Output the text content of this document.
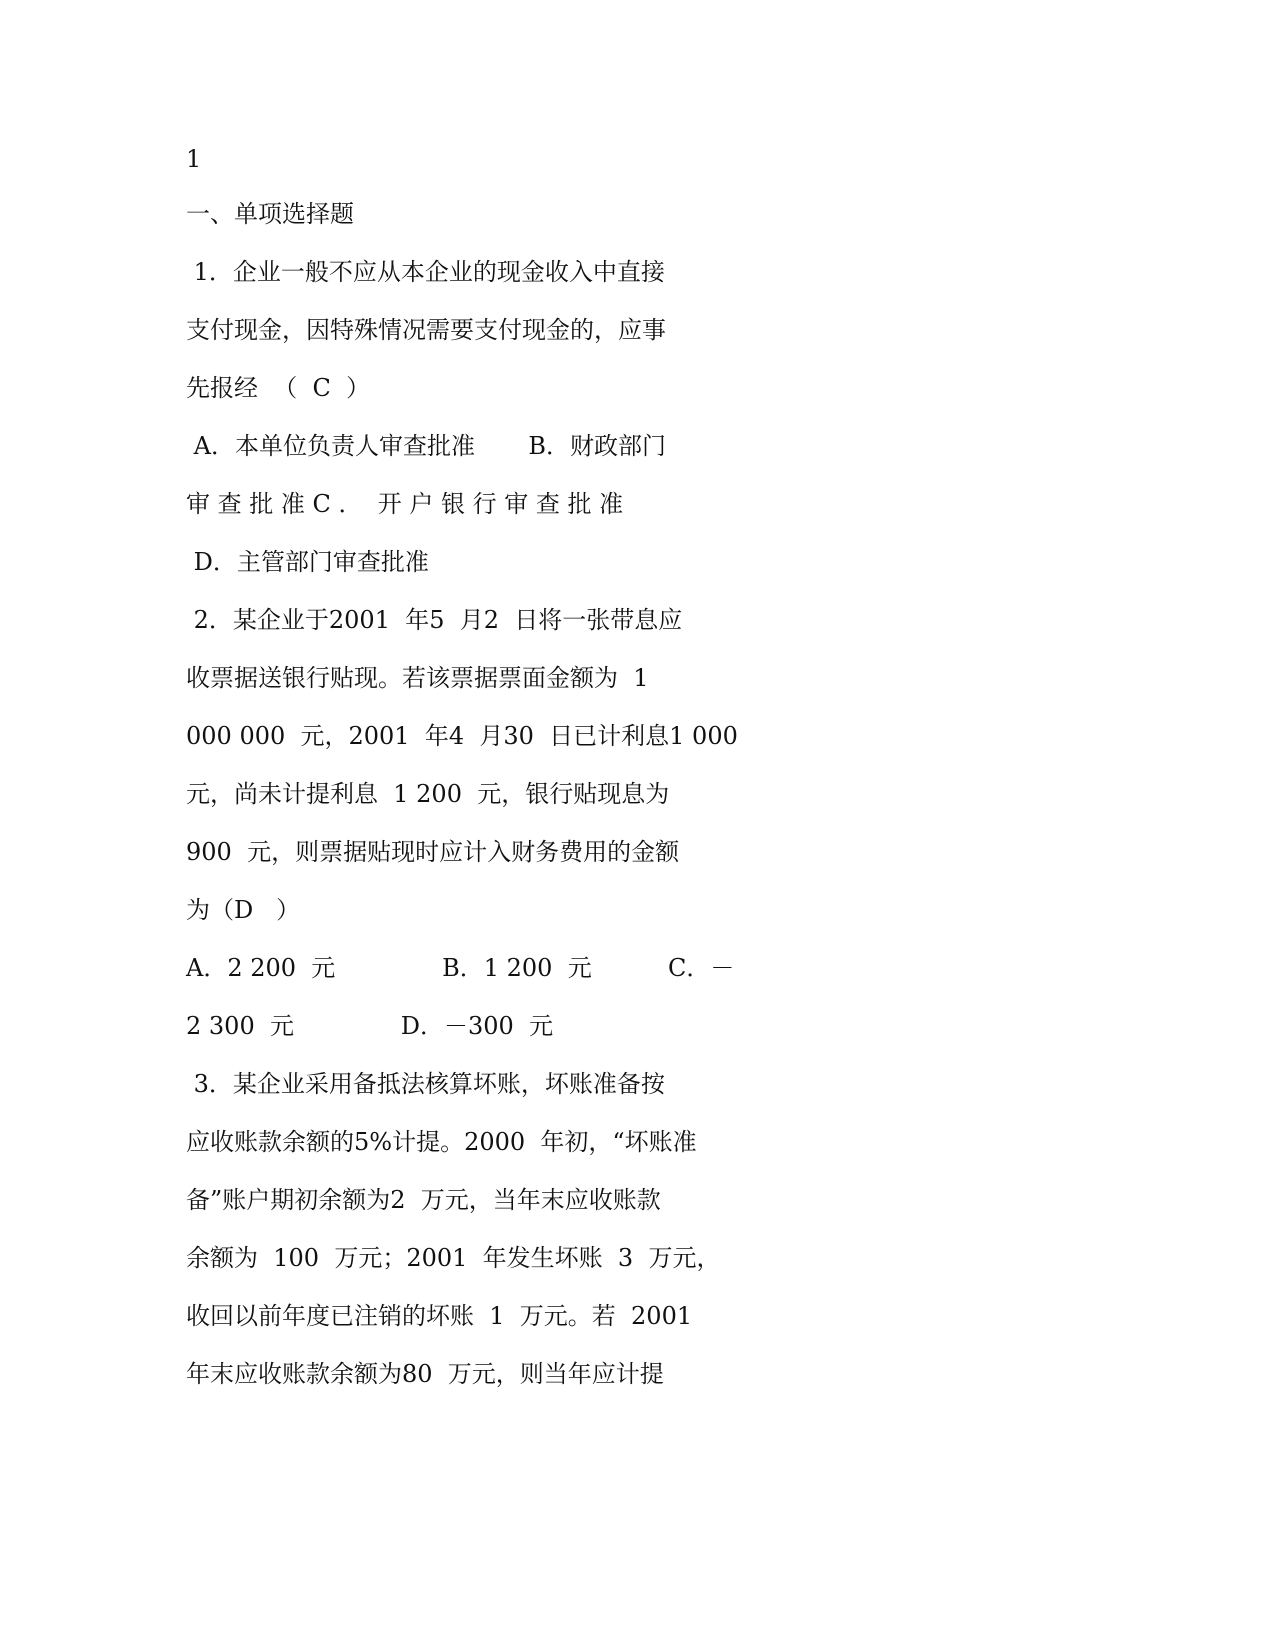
1
一、单项选择题
1．企业一般不应从本企业的现金收入中直接
支付现金，因特殊情况需要支付现金的，应事
先报经  （  C  ）
A．本单位负责人审查批准       B．财政部门
审 查 批 准 C ．  开 户 银 行 审 查 批 准
D．主管部门审查批准
2．某企业于2001  年5  月2  日将一张带息应
收票据送银行贴现。若该票据票面金额为  1
000 000  元，2001  年4  月30  日已计利息1 000
元，尚未计提利息  1 200  元，银行贴现息为
900  元，则票据贴现时应计入财务费用的金额
为（D   ）
A．2 200  元              B．1 200  元          C．－
2 300  元              D．－300  元
3．某企业采用备抵法核算坏账，坏账准备按
应收账款余额的5%计提。2000  年初，“坏账准
备”账户期初余额为2  万元，当年末应收账款
余额为  100  万元；2001  年发生坏账  3  万元，
收回以前年度已注销的坏账  1  万元。若  2001
年末应收账款余额为80  万元，则当年应计提
